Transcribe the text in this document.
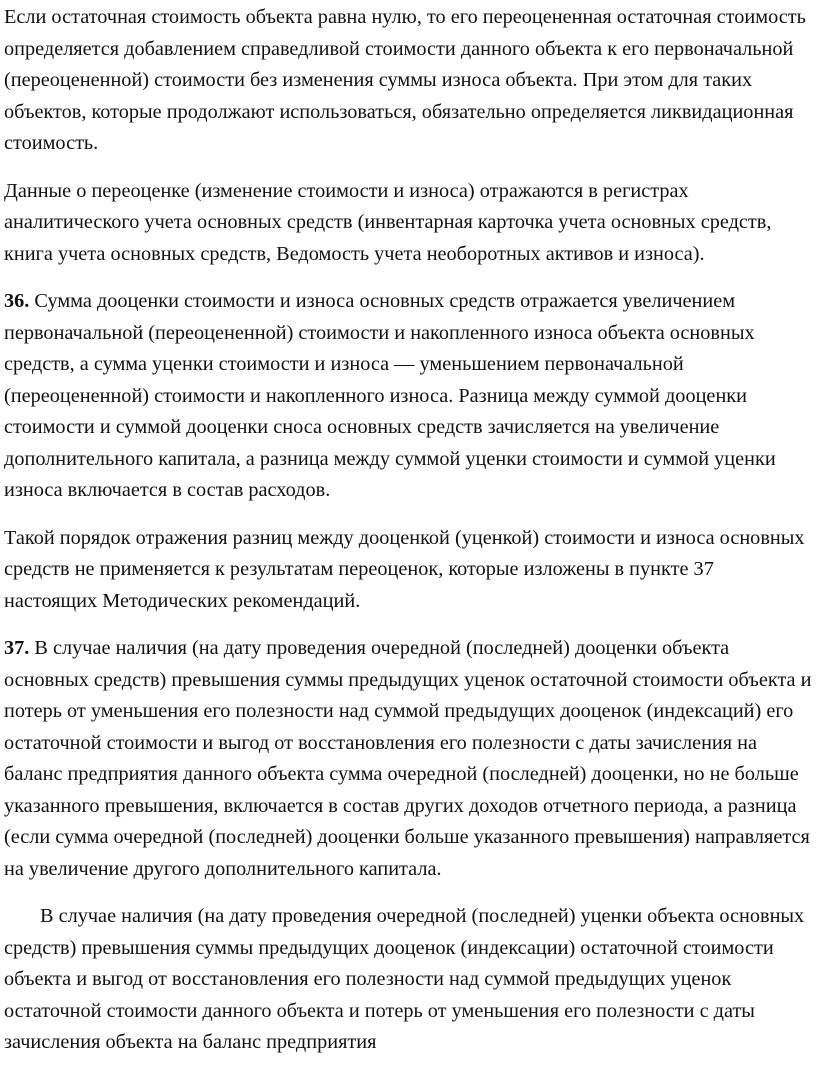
Если остаточная стоимость объекта равна нулю, то его переоцененная остаточная стоимость определяется добавлением справедливой стоимости данного объекта к его первоначальной (переоцененной) стоимости без изменения суммы износа объекта. При этом для таких объектов, которые продолжают использоваться, обязательно определяется ликвидационная стоимость.

Данные о переоценке (изменение стоимости и износа) отражаются в регистрах аналитического учета основных средств (инвентарная карточка учета основных средств, книга учета основных средств, Ведомость учета необоротных активов и износа).

36. Сумма дооценки стоимости и износа основных средств отражается увеличением первоначальной (переоцененной) стоимости и накопленного износа объекта основных средств, а сумма уценки стоимости и износа — уменьшением первоначальной (переоцененной) стоимости и накопленного износа. Разница между суммой дооценки стоимости и суммой дооценки сноса основных средств зачисляется на увеличение дополнительного капитала, а разница между суммой уценки стоимости и суммой уценки износа включается в состав расходов.

Такой порядок отражения разниц между дооценкой (уценкой) стоимости и износа основных средств не применяется к результатам переоценок, которые изложены в пункте 37 настоящих Методических рекомендаций.

37. В случае наличия (на дату проведения очередной (последней) дооценки объекта основных средств) превышения суммы предыдущих уценок остаточной стоимости объекта и потерь от уменьшения его полезности над суммой предыдущих дооценок (индексаций) его остаточной стоимости и выгод от восстановления его полезности с даты зачисления на баланс предприятия данного объекта сумма очередной (последней) дооценки, но не больше указанного превышения, включается в состав других доходов отчетного периода, а разница (если сумма очередной (последней) дооценки больше указанного превышения) направляется на увеличение другого дополнительного капитала.

В случае наличия (на дату проведения очередной (последней) уценки объекта основных средств) превышения суммы предыдущих дооценок (индексации) остаточной стоимости объекта и выгод от восстановления его полезности над суммой предыдущих уценок остаточной стоимости данного объекта и потерь от уменьшения его полезности с даты зачисления объекта на баланс предприятия
